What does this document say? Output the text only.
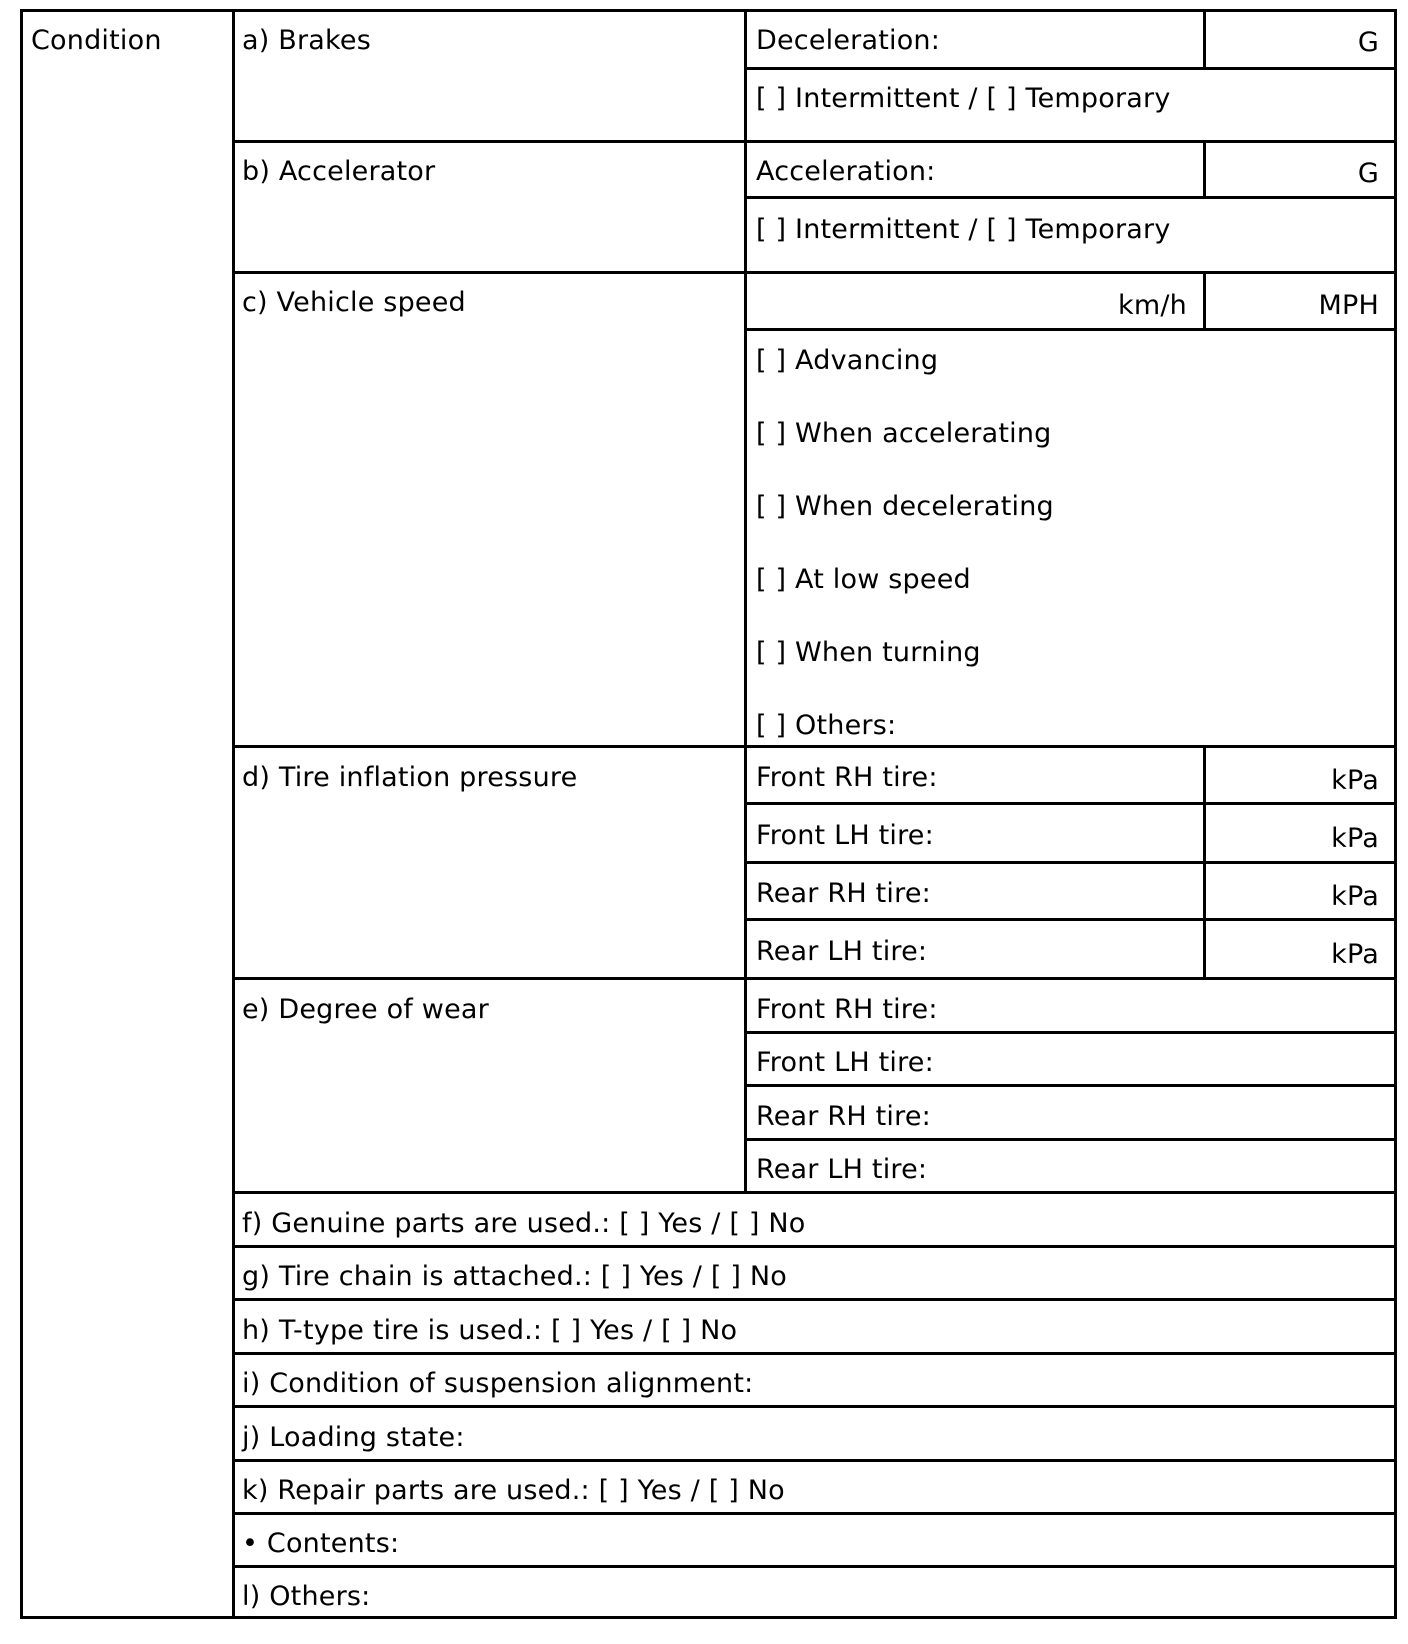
Condition	a) Brakes	Deceleration:	G
[ ] Intermittent / [ ] Temporary
b) Accelerator	Acceleration:	G
[ ] Intermittent / [ ] Temporary
c) Vehicle speed	km/h	MPH
[ ] Advancing
[ ] When accelerating
[ ] When decelerating
[ ] At low speed
[ ] When turning
[ ] Others:
d) Tire inflation pressure	Front RH tire:	kPa
Front LH tire:	kPa
Rear RH tire:	kPa
Rear LH tire:	kPa
e) Degree of wear	Front RH tire:
Front LH tire:
Rear RH tire:
Rear LH tire:
f) Genuine parts are used.: [ ] Yes / [ ] No
g) Tire chain is attached.: [ ] Yes / [ ] No
h) T-type tire is used.: [ ] Yes / [ ] No
i) Condition of suspension alignment:
j) Loading state:
k) Repair parts are used.: [ ] Yes / [ ] No
• Contents:
l) Others:
